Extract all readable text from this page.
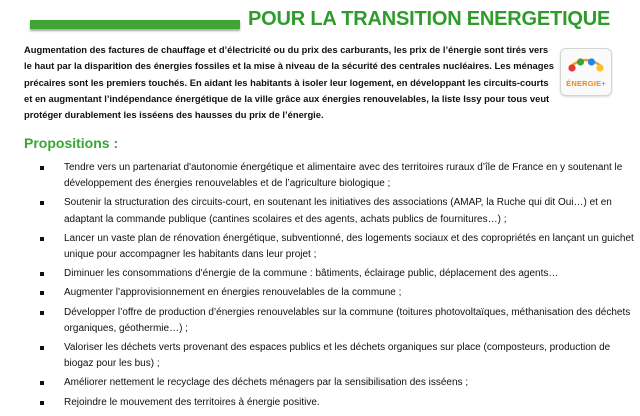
POUR LA TRANSITION ENERGETIQUE
Augmentation des factures de chauffage et d’électricité ou du prix des carburants, les prix de l’énergie sont tirés vers le haut par la disparition des énergies fossiles et la mise à niveau de la sécurité des centrales nucléaires. Les ménages précaires sont les premiers touchés. En aidant les habitants à isoler leur logement, en développant les circuits-courts et en augmentant l’indépendance énergétique de la ville grâce aux énergies renouvelables, la liste Issy pour tous veut protéger durablement les isséens des hausses du prix de l’énergie.
ÉNERGIE+
Propositions :
Tendre vers un partenariat d'autonomie énergétique et alimentaire avec des territoires ruraux d’île de France en y soutenant le développement des énergies renouvelables et de l’agriculture biologique ;
Soutenir la structuration des circuits-court, en soutenant les initiatives des associations (AMAP, la Ruche qui dit Oui…) et en adaptant la commande publique (cantines scolaires et des agents, achats publics de fournitures…) ;
Lancer un vaste plan de rénovation énergétique, subventionné, des logements sociaux et des copropriétés en lançant un guichet unique pour accompagner les habitants dans leur projet ;
Diminuer les consommations d'énergie de la commune : bâtiments, éclairage public, déplacement des agents…
Augmenter l’approvisionnement en énergies renouvelables de la commune ;
Développer l’offre de production d’énergies renouvelables sur la commune (toitures photovoltaïques, méthanisation des déchets organiques, géothermie…) ;
Valoriser les déchets verts provenant des espaces publics et les déchets organiques sur place (composteurs, production de biogaz pour les bus) ;
Améliorer nettement le recyclage des déchets ménagers par la sensibilisation des isséens ;
Rejoindre le mouvement des territoires à énergie positive.
